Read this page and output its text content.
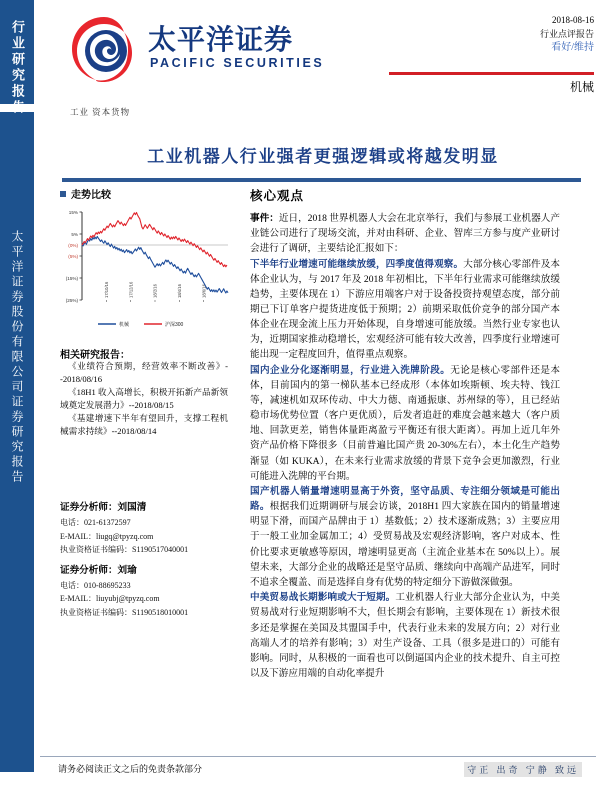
行业研究报告
太平洋证券股份有限公司证券研究报告
太平洋证券
PACIFIC SECURITIES
工业 资本货物
2018-08-16
行业点评报告
看好/维持
机械
工业机器人行业强者更强逻辑或将越发明显
走势比较
15%
5%
(5%)
(15%)
(25%)
(0%)
17/10/16	17/12/16	18/2/16	18/4/16	18/6/16
机械	沪深300
相关研究报告：
《业绩符合预期，经营效率不断改善》--2018/08/16
《18H1 收入高增长，积极开拓新产品新领域奠定发展潜力》--2018/08/15
《基建增速下半年有望回升，支撑工程机械需求持续》--2018/08/14
证券分析师：刘国清
电话：021-61372597
E-MAIL：liugq@tpyzq.com
执业资格证书编码：S1190517040001
证券分析师：刘瑜
电话：010-88695233
E-MAIL：liuyubj@tpyzq.com
执业资格证书编码：S1190518010001
核心观点
事件：近日，2018 世界机器人大会在北京举行，我们与参展工业机器人产业链公司进行了现场交流，并对由科研、企业、智库三方参与度产业研讨会进行了调研，主要结论汇报如下：
下半年行业增速可能继续放缓，四季度值得观察。大部分核心零部件及本体企业认为，与 2017 年及 2018 年初相比，下半年行业需求可能继续放缓趋势，主要体现在 1）下游应用端客户对于设备投资持观望态度，部分前期已下订单客户提货进度低于预期；2）前期采取低价竞争的部分国产本体企业在现金流上压力开始体现，自身增速可能放缓。当然行业专家也认为，近期国家推动稳增长，宏观经济可能有较大改善，四季度行业增速可能出现一定程度回升，值得重点观察。
国内企业分化逐渐明显，行业进入洗牌阶段。无论是核心零部件还是本体，目前国内的第一梯队基本已经成形（本体如埃斯顿、埃夫特、钱江等，减速机如双环传动、中大力德、南通振康、苏州绿的等），且已经站稳市场优势位置（客户更优质），后发者追赶的难度会越来越大（客户质地、回款更差，销售体量距离盈亏平衡还有很大距离）。再加上近几年外资产品价格下降很多（目前普遍比国产贵 20-30%左右），本土化生产趋势渐显（如 KUKA），在未来行业需求放缓的背景下竞争会更加激烈，行业可能进入洗牌的平台期。
国产机器人销量增速明显高于外资，坚守品质、专注细分领域是可能出路。根据我们近期调研与展会访谈，2018H1 四大家族在国内的销量增速明显下滑，而国产品牌由于 1）基数低；2）技术逐渐成熟；3）主要应用于一般工业加金属加工；4）受贸易战及宏观经济影响，客户对成本、性价比要求更敏感等原因，增速明显更高（主流企业基本在 50%以上）。展望未来，大部分企业的战略还是坚守品质、继续向中高端产品进军，同时不追求全覆盖、而是选择自身有优势的特定细分下游做深做强。
中美贸易战长期影响或大于短期。工业机器人行业大部分企业认为，中美贸易战对行业短期影响不大，但长期会有影响，主要体现在 1）新技术很多还是掌握在美国及其盟国手中，代表行业未来的发展方向；2）对行业高端人才的培养有影响；3）对生产设备、工具（很多是进口的）可能有影响。同时，从积极的一面看也可以倒逼国内企业的技术提升、自主可控以及下游应用端的自动化率提升
请务必阅读正文之后的免责条款部分	守正 出奇 宁静 致远
